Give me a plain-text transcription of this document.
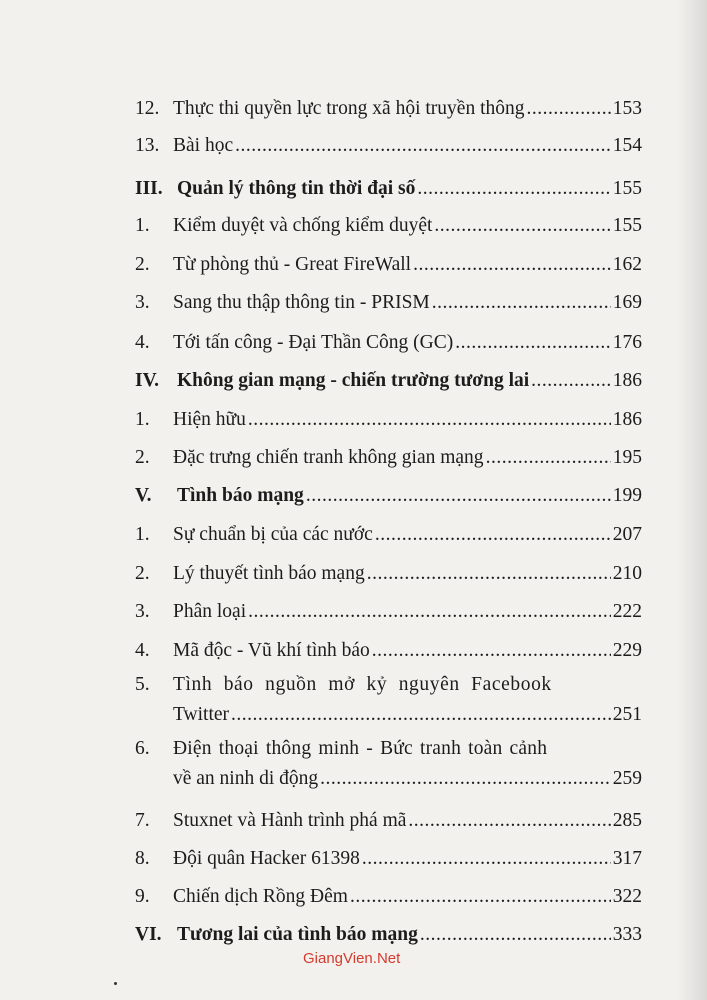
12. Thực thi quyền lực trong xã hội truyền thông .....	153
13. Bài học .....	154
III. Quản lý thông tin thời đại số .....	155
1.	Kiểm duyệt và chống kiểm duyệt .....	155
2.	Từ phòng thủ - Great FireWall .....	162
3.	Sang thu thập thông tin - PRISM .....	169
4.	Tới tấn công - Đại Thần Công (GC) .....	176
IV. Không gian mạng - chiến trường tương lai .....	186
1.	Hiện hữu .....	186
2.	Đặc trưng chiến tranh không gian mạng .....	195
V.	Tình báo mạng .....	199
1.	Sự chuẩn bị của các nước .....	207
2.	Lý thuyết tình báo mạng .....	210
3.	Phân loại .....	222
4.	Mã độc - Vũ khí tình báo .....	229
5.	Tình báo nguồn mở kỷ nguyên Facebook
Twitter .....	251
6.	Điện thoại thông minh - Bức tranh toàn cảnh
về an ninh di động .....	259
7.	Stuxnet và Hành trình phá mã .....	285
8.	Đội quân Hacker 61398 .....	317
9.	Chiến dịch Rồng Đêm .....	322
VI. Tương lai của tình báo mạng .....	333
GiangVien.Net
